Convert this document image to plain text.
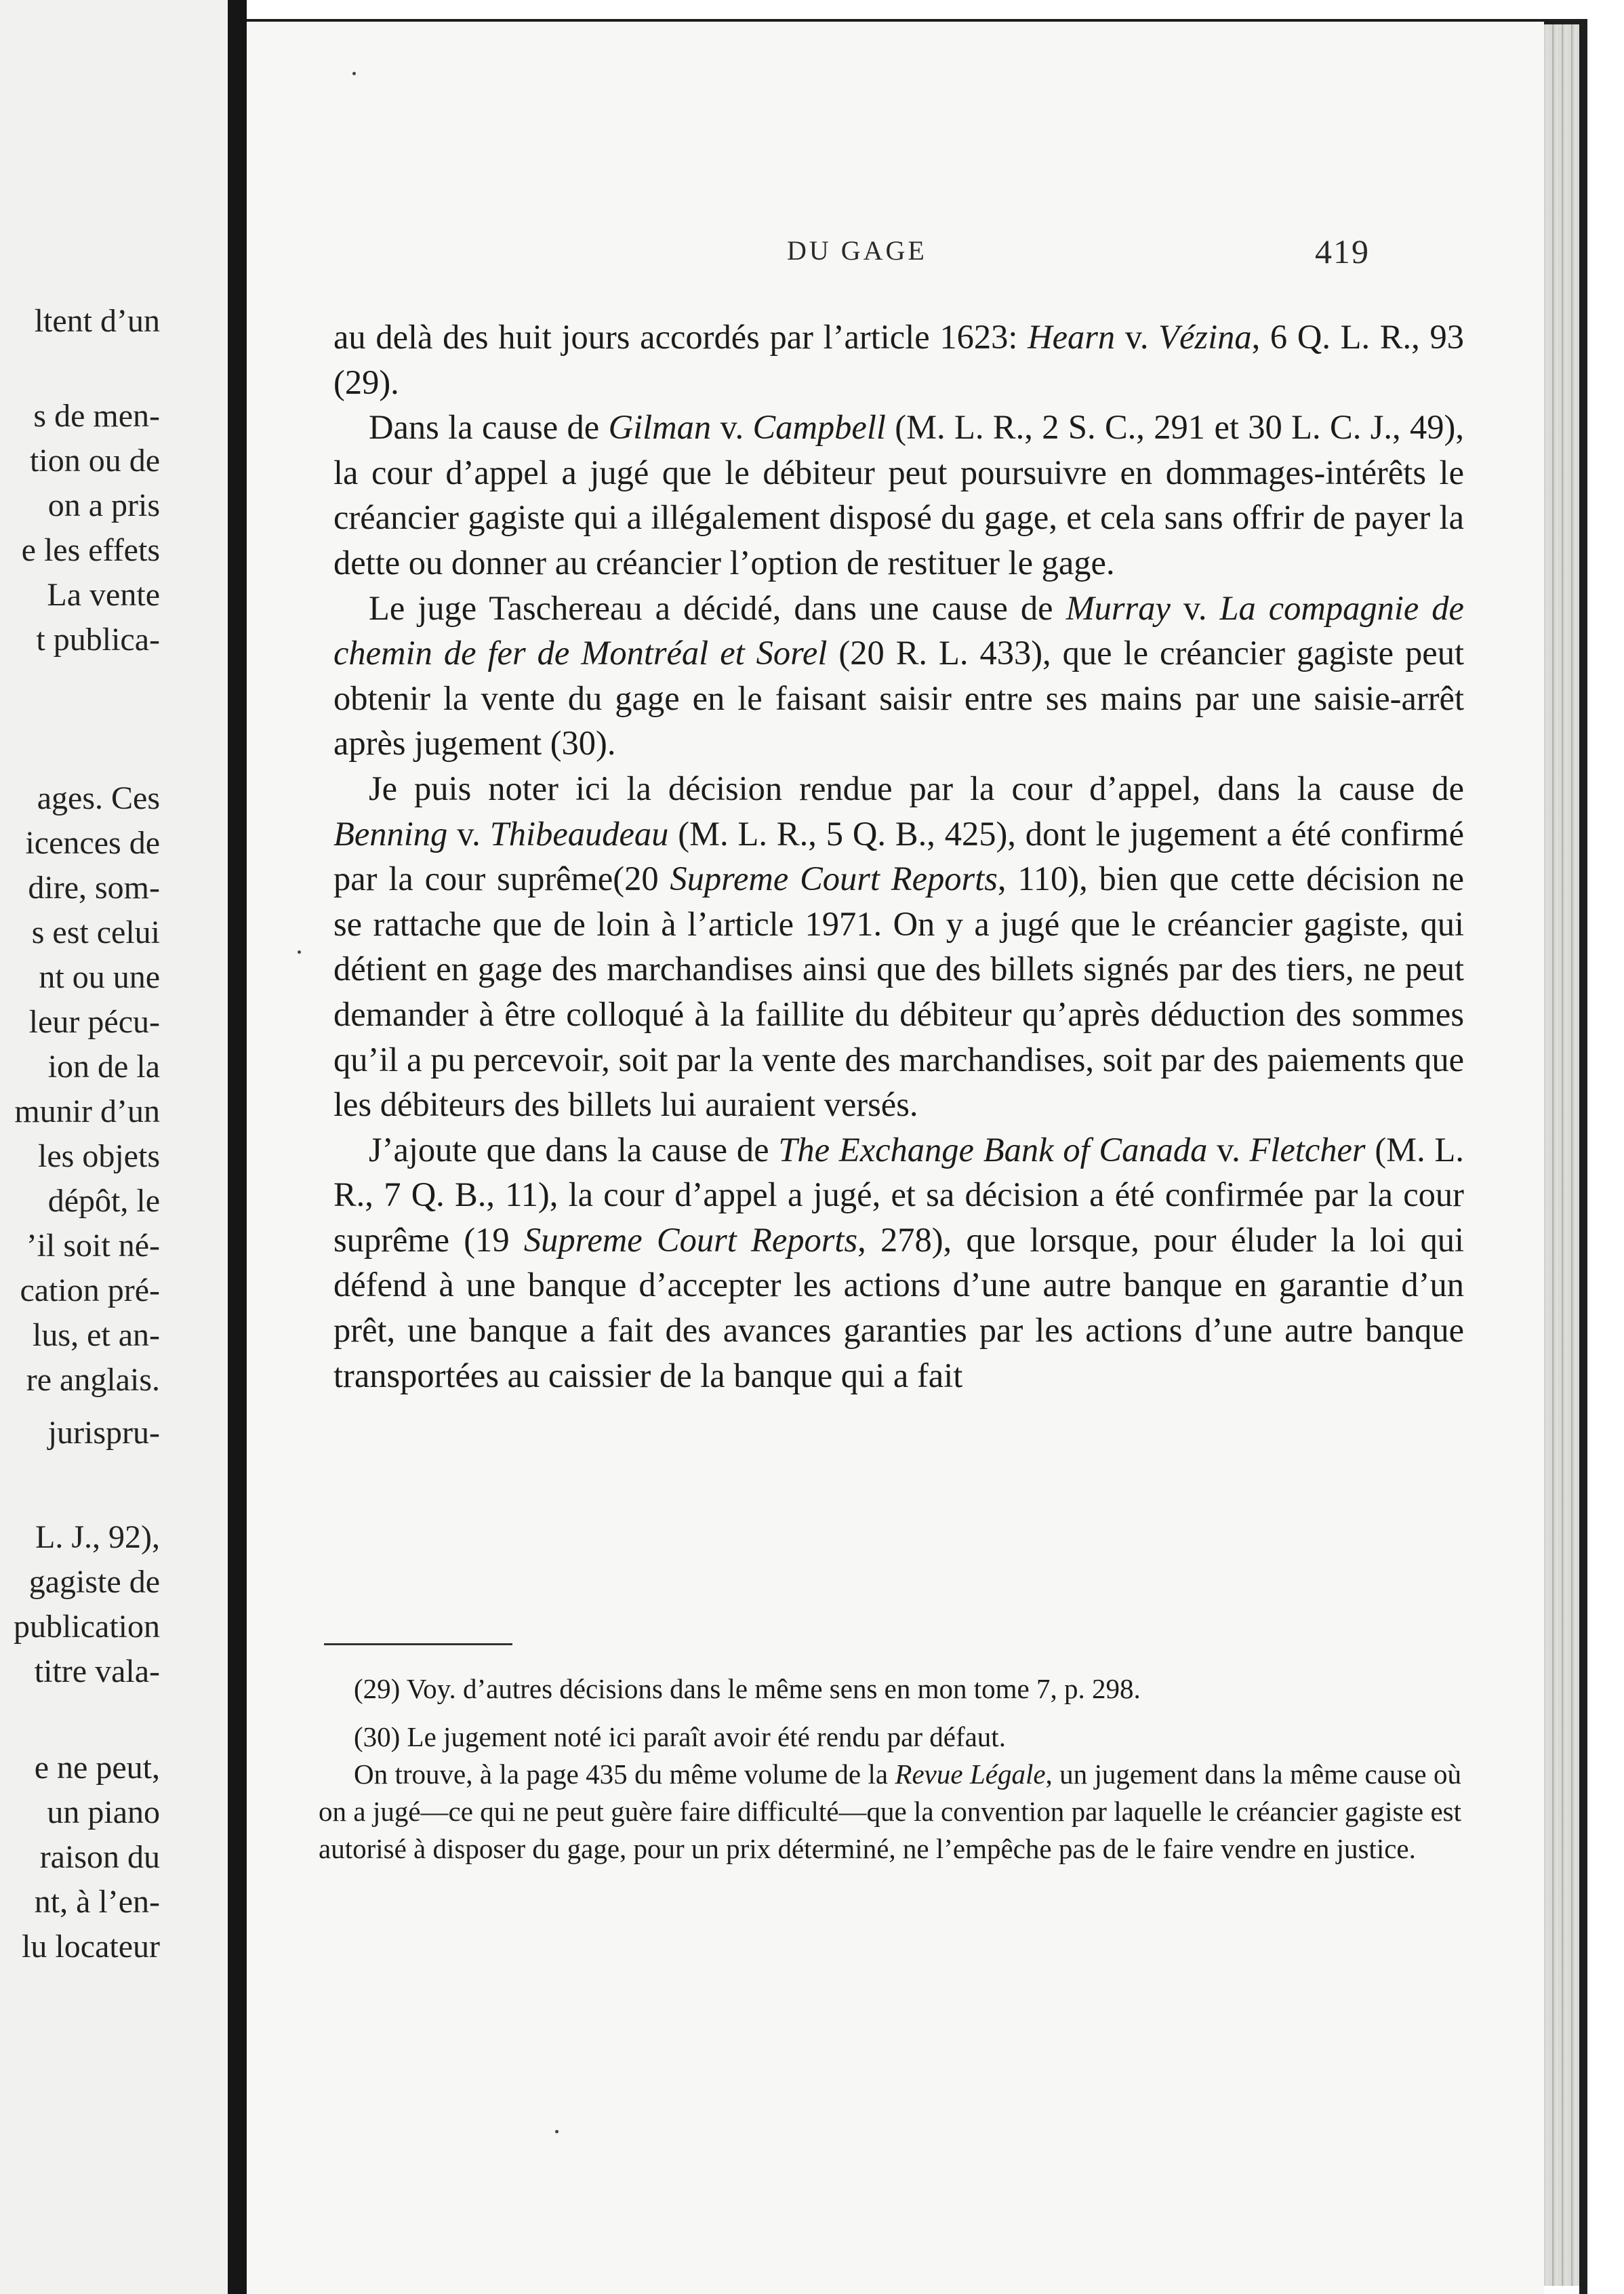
ltent d’un
s de men-
tion ou de
on a pris
e les effets
La vente
t publica-
ages. Ces
icences de
dire, som-
s est celui
nt ou une
leur pécu-
ion de la
munir d’un
les objets
dépôt, le
’il soit né-
cation pré-
lus, et an-
re anglais.
jurispru-
L. J., 92),
gagiste de
publication
titre vala-
e ne peut,
un piano
raison du
nt, à l’en-
lu locateur
DU GAGE	419

au delà des huit jours accordés par l’article 1623: Hearn v. Vézina, 6 Q. L. R., 93 (29).

Dans la cause de Gilman v. Campbell (M. L. R., 2 S. C., 291 et 30 L. C. J., 49), la cour d’appel a jugé que le débiteur peut poursuivre en dommages-intérêts le créancier gagiste qui a illégalement disposé du gage, et cela sans offrir de payer la dette ou donner au créancier l’option de restituer le gage.

Le juge Taschereau a décidé, dans une cause de Murray v. La compagnie de chemin de fer de Montréal et Sorel (20 R. L. 433), que le créancier gagiste peut obtenir la vente du gage en le faisant saisir entre ses mains par une saisie-arrêt après jugement (30).

Je puis noter ici la décision rendue par la cour d’appel, dans la cause de Benning v. Thibeaudeau (M. L. R., 5 Q. B., 425), dont le jugement a été confirmé par la cour suprême(20 Supreme Court Reports, 110), bien que cette décision ne se rattache que de loin à l’article 1971. On y a jugé que le créancier gagiste, qui détient en gage des marchandises ainsi que des billets signés par des tiers, ne peut demander à être colloqué à la faillite du débiteur qu’après déduction des sommes qu’il a pu percevoir, soit par la vente des marchandises, soit par des paiements que les débiteurs des billets lui auraient versés.

J’ajoute que dans la cause de The Exchange Bank of Canada v. Fletcher (M. L. R., 7 Q. B., 11), la cour d’appel a jugé, et sa décision a été confirmée par la cour suprême (19 Supreme Court Reports, 278), que lorsque, pour éluder la loi qui défend à une banque d’accepter les actions d’une autre banque en garantie d’un prêt, une banque a fait des avances garanties par les actions d’une autre banque transportées au caissier de la banque qui a fait

(29) Voy. d’autres décisions dans le même sens en mon tome 7, p. 298.

(30) Le jugement noté ici paraît avoir été rendu par défaut.

On trouve, à la page 435 du même volume de la Revue Légale, un jugement dans la même cause où on a jugé—ce qui ne peut guère faire difficulté—que la convention par laquelle le créancier gagiste est autorisé à disposer du gage, pour un prix déterminé, ne l’empêche pas de le faire vendre en justice.
